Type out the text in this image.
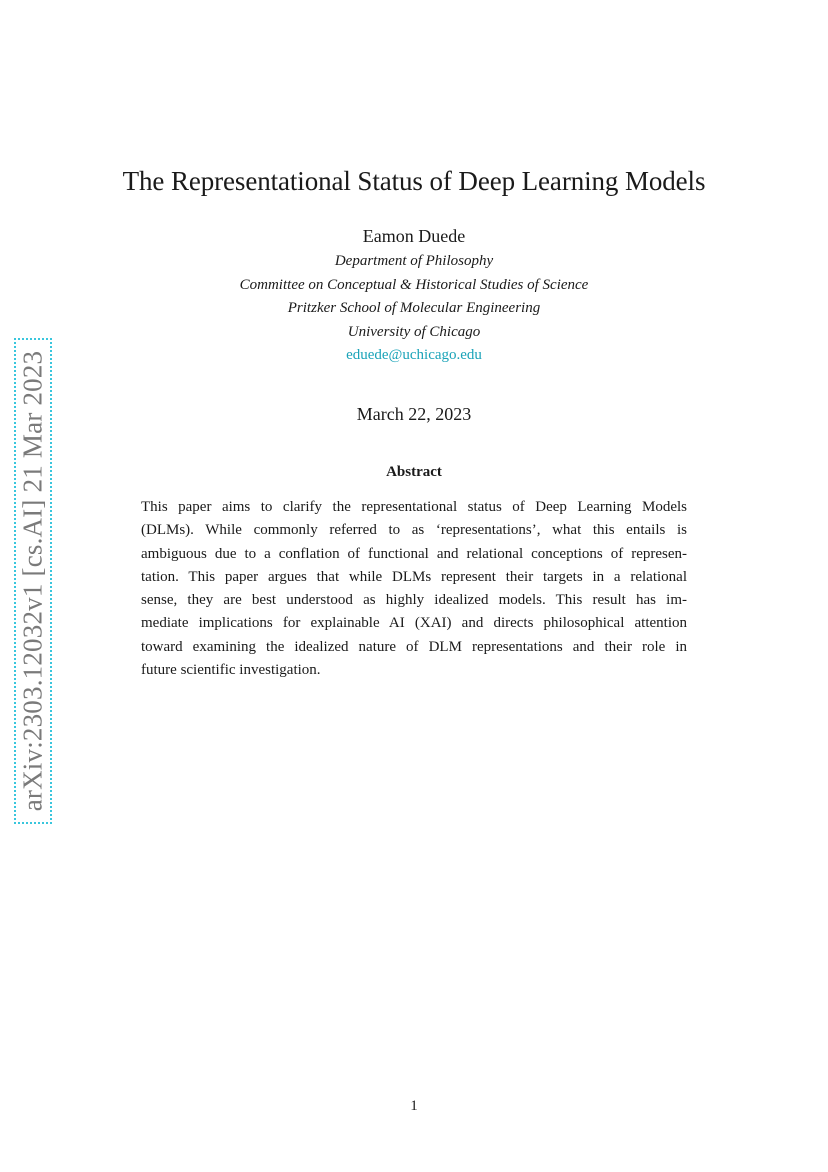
arXiv:2303.12032v1 [cs.AI] 21 Mar 2023
The Representational Status of Deep Learning Models
Eamon Duede
Department of Philosophy
Committee on Conceptual & Historical Studies of Science
Pritzker School of Molecular Engineering
University of Chicago
eduede@uchicago.edu
March 22, 2023
Abstract
This paper aims to clarify the representational status of Deep Learning Models
(DLMs). While commonly referred to as ‘representations’, what this entails is
ambiguous due to a conflation of functional and relational conceptions of represen-
tation. This paper argues that while DLMs represent their targets in a relational
sense, they are best understood as highly idealized models. This result has im-
mediate implications for explainable AI (XAI) and directs philosophical attention
toward examining the idealized nature of DLM representations and their role in
future scientific investigation.
1
